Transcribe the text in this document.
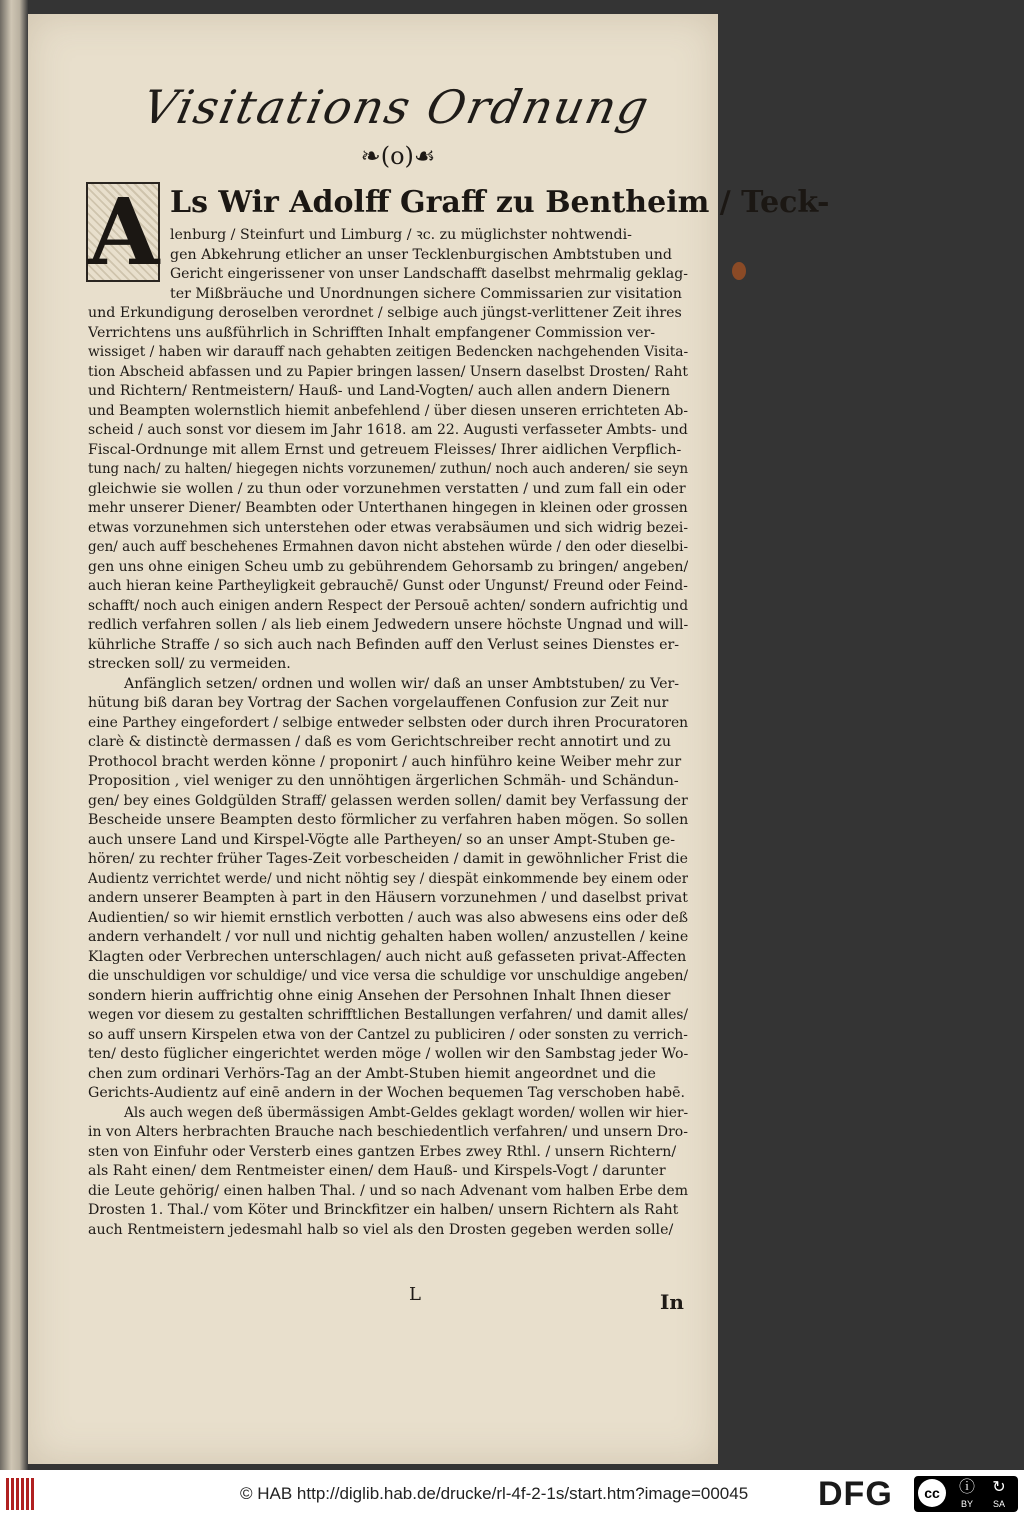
Visitations Ordnung
❧(o)☙
A Ls Wir Adolff Graff zu Bentheim / Teck-
lenburg / Steinfurt und Limburg / ꝛc. zu müglichster nohtwendi-
gen Abkehrung etlicher an unser Tecklenburgischen Ambtstuben und
Gericht eingerissener von unser Landschafft daselbst mehrmalig geklag-
ter Mißbräuche und Unordnungen sichere Commissarien zur visitation
und Erkundigung deroselben verordnet / selbige auch jüngst-verlittener Zeit ihres
Verrichtens uns außführlich in Schrifften Inhalt empfangener Commission ver-
wissiget / haben wir darauff nach gehabten zeitigen Bedencken nachgehenden Visita-
tion Abscheid abfassen und zu Papier bringen lassen/ Unsern daselbst Drosten/ Raht
und Richtern/ Rentmeistern/ Hauß- und Land-Vogten/ auch allen andern Dienern
und Beampten wolernstlich hiemit anbefehlend / über diesen unseren errichteten Ab-
scheid / auch sonst vor diesem im Jahr 1618. am 22. Augusti verfasseter Ambts- und
Fiscal-Ordnunge mit allem Ernst und getreuem Fleisses/ Ihrer aidlichen Verpflich-
tung nach/ zu halten/ hiegegen nichts vorzunemen/ zuthun/ noch auch anderen/ sie seyn
gleichwie sie wollen / zu thun oder vorzunehmen verstatten / und zum fall ein oder
mehr unserer Diener/ Beambten oder Unterthanen hingegen in kleinen oder grossen
etwas vorzunehmen sich unterstehen oder etwas verabsäumen und sich widrig bezei-
gen/ auch auff beschehenes Ermahnen davon nicht abstehen würde / den oder dieselbi-
gen uns ohne einigen Scheu umb zu gebührendem Gehorsamb zu bringen/ angeben/
auch hieran keine Partheyligkeit gebrauchē/ Gunst oder Ungunst/ Freund oder Feind-
schafft/ noch auch einigen andern Respect der Persouē achten/ sondern aufrichtig und
redlich verfahren sollen / als lieb einem Jedwedern unsere höchste Ungnad und will-
kührliche Straffe / so sich auch nach Befinden auff den Verlust seines Dienstes er-
strecken soll/ zu vermeiden.
Anfänglich setzen/ ordnen und wollen wir/ daß an unser Ambtstuben/ zu Ver-
hütung biß daran bey Vortrag der Sachen vorgelauffenen Confusion zur Zeit nur
eine Parthey eingefordert / selbige entweder selbsten oder durch ihren Procuratoren
clarè & distinctè dermassen / daß es vom Gerichtschreiber recht annotirt und zu
Prothocol bracht werden könne / proponirt / auch hinführo keine Weiber mehr zur
Proposition , viel weniger zu den unnöhtigen ärgerlichen Schmäh- und Schändun-
gen/ bey eines Goldgülden Straff/ gelassen werden sollen/ damit bey Verfassung der
Bescheide unsere Beampten desto förmlicher zu verfahren haben mögen. So sollen
auch unsere Land und Kirspel-Vögte alle Partheyen/ so an unser Ampt-Stuben ge-
hören/ zu rechter früher Tages-Zeit vorbescheiden / damit in gewöhnlicher Frist die
Audientz verrichtet werde/ und nicht nöhtig sey / diespät einkommende bey einem oder
andern unserer Beampten à part in den Häusern vorzunehmen / und daselbst privat
Audientien/ so wir hiemit ernstlich verbotten / auch was also abwesens eins oder deß
andern verhandelt / vor null und nichtig gehalten haben wollen/ anzustellen / keine
Klagten oder Verbrechen unterschlagen/ auch nicht auß gefasseten privat-Affecten
die unschuldigen vor schuldige/ und vice versa die schuldige vor unschuldige angeben/
sondern hierin auffrichtig ohne einig Ansehen der Persohnen Inhalt Ihnen dieser
wegen vor diesem zu gestalten schrifftlichen Bestallungen verfahren/ und damit alles/
so auff unsern Kirspelen etwa von der Cantzel zu publiciren / oder sonsten zu verrich-
ten/ desto füglicher eingerichtet werden möge / wollen wir den Sambstag jeder Wo-
chen zum ordinari Verhörs-Tag an der Ambt-Stuben hiemit angeordnet und die
Gerichts-Audientz auf einē andern in der Wochen bequemen Tag verschoben habē.
Als auch wegen deß übermässigen Ambt-Geldes geklagt worden/ wollen wir hier-
in von Alters herbrachten Brauche nach beschiedentlich verfahren/ und unsern Dro-
sten von Einfuhr oder Versterb eines gantzen Erbes zwey Rthl. / unsern Richtern/
als Raht einen/ dem Rentmeister einen/ dem Hauß- und Kirspels-Vogt / darunter
die Leute gehörig/ einen halben Thal. / und so nach Advenant vom halben Erbe dem
Drosten 1. Thal./ vom Köter und Brinckfitzer ein halben/ unsern Richtern als Raht
auch Rentmeistern jedesmahl halb so viel als den Drosten gegeben werden solle/
L	In
© HAB http://diglib.hab.de/drucke/rl-4f-2-1s/start.htm?image=00045	DFG	cc	ⓘ
BY
↻
SA
